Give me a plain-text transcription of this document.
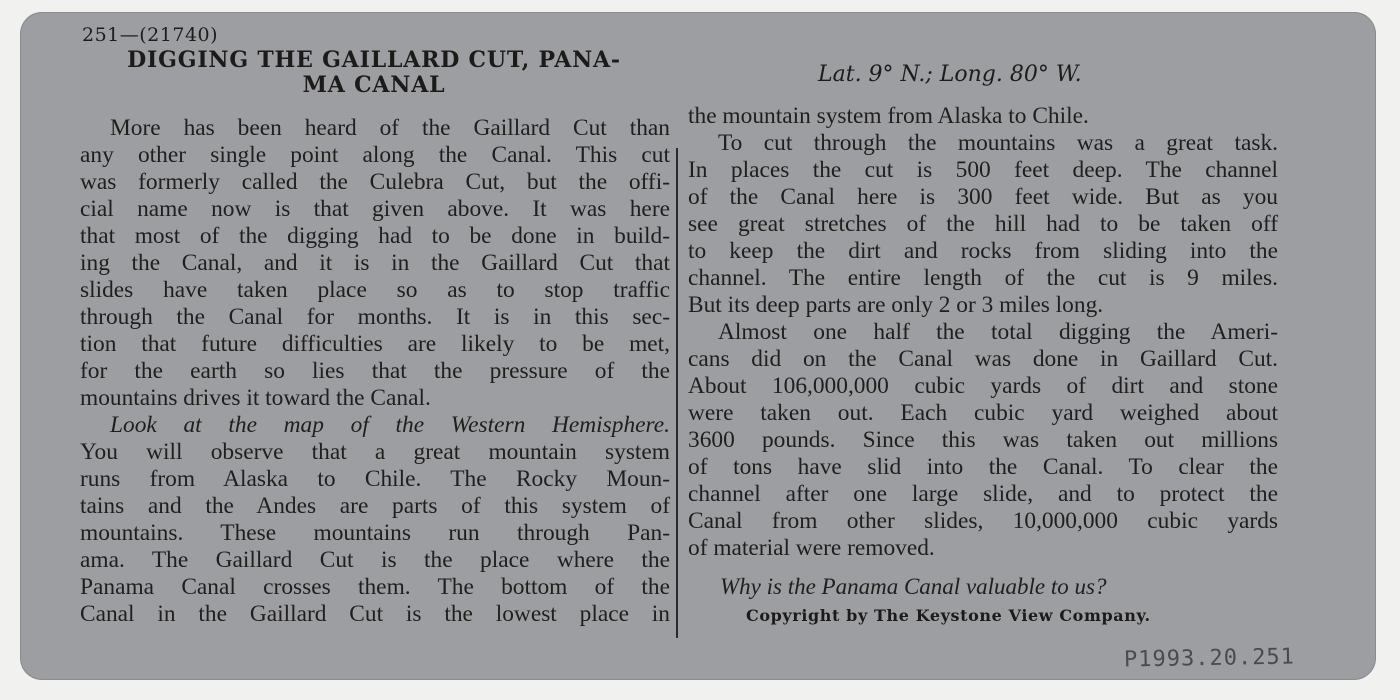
251—(21740)
DIGGING THE GAILLARD CUT, PANA-
MA CANAL	Lat. 9° N.; Long. 80° W.
More has been heard of the Gaillard Cut than
any other single point along the Canal. This cut
was formerly called the Culebra Cut, but the offi-
cial name now is that given above. It was here
that most of the digging had to be done in build-
ing the Canal, and it is in the Gaillard Cut that
slides have taken place so as to stop traffic
through the Canal for months. It is in this sec-
tion that future difficulties are likely to be met,
for the earth so lies that the pressure of the
mountains drives it toward the Canal.
Look at the map of the Western Hemisphere.
You will observe that a great mountain system
runs from Alaska to Chile. The Rocky Moun-
tains and the Andes are parts of this system of
mountains. These mountains run through Pan-
ama. The Gaillard Cut is the place where the
Panama Canal crosses them. The bottom of the
Canal in the Gaillard Cut is the lowest place in
the mountain system from Alaska to Chile.
To cut through the mountains was a great task.
In places the cut is 500 feet deep. The channel
of the Canal here is 300 feet wide. But as you
see great stretches of the hill had to be taken off
to keep the dirt and rocks from sliding into the
channel. The entire length of the cut is 9 miles.
But its deep parts are only 2 or 3 miles long.
Almost one half the total digging the Ameri-
cans did on the Canal was done in Gaillard Cut.
About 106,000,000 cubic yards of dirt and stone
were taken out. Each cubic yard weighed about
3600 pounds. Since this was taken out millions
of tons have slid into the Canal. To clear the
channel after one large slide, and to protect the
Canal from other slides, 10,000,000 cubic yards
of material were removed.
Why is the Panama Canal valuable to us?
Copyright by The Keystone View Company.
P1993.20.251
